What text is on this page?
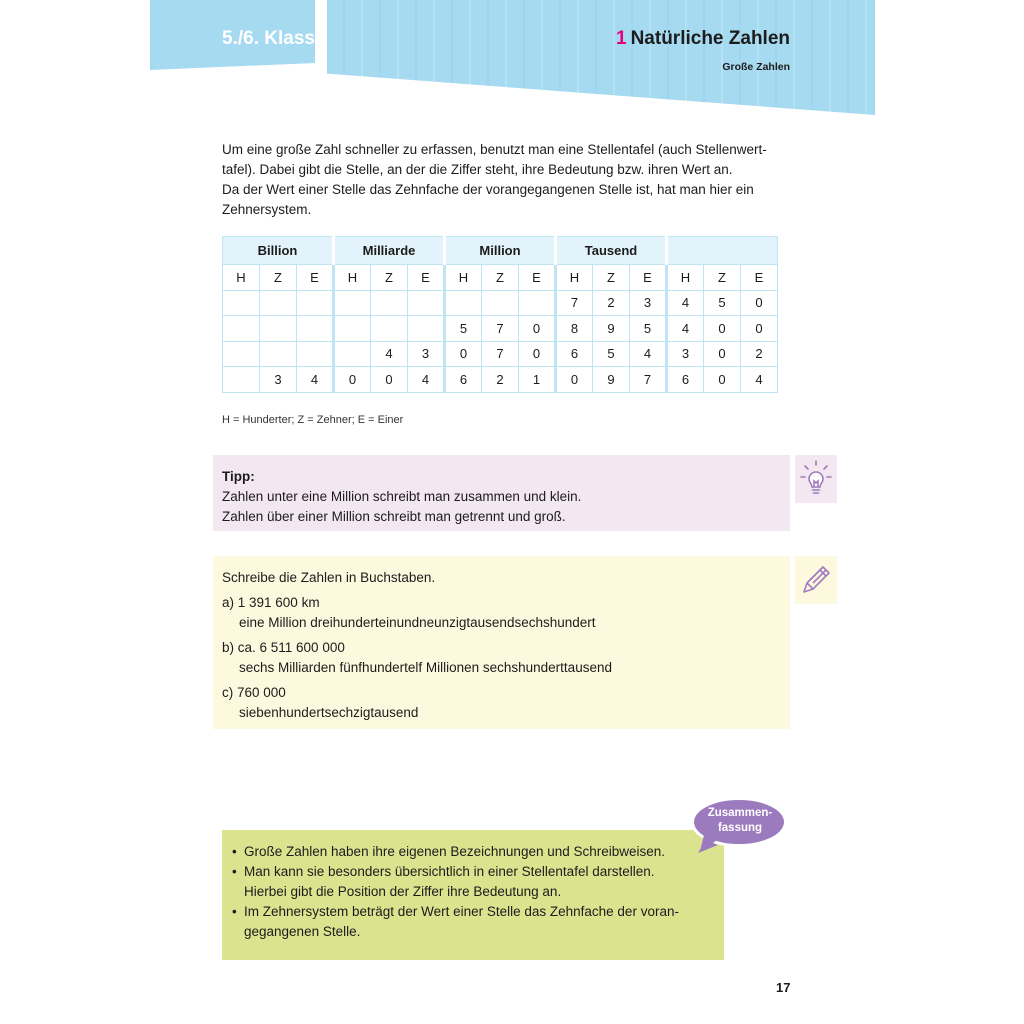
5./6. Klasse	1 Natürliche Zahlen
Große Zahlen

Um eine große Zahl schneller zu erfassen, benutzt man eine Stellentafel (auch Stellenwert-

tafel). Dabei gibt die Stelle, an der die Ziffer steht, ihre Bedeutung bzw. ihren Wert an.

Da der Wert einer Stelle das Zehnfache der vorangegangenen Stelle ist, hat man hier ein

Zehnersystem.

Billion			Milliarde			Million			Tausend					
H	Z	E	H	Z	E	H	Z	E	H	Z	E	H	Z	E
									7	2	3	4	5	0
						5	7	0	8	9	5	4	0	0
				4	3	0	7	0	6	5	4	3	0	2
	3	4	0	0	4	6	2	1	0	9	7	6	0	4
H = Hunderter; Z = Zehner; E = Einer
Tipp:
Zahlen unter eine Million schreibt man zusammen und klein.
Zahlen über einer Million schreibt man getrennt und groß.

Schreibe die Zahlen in Buchstaben.

a) 1 391 600 km
eine Million dreihunderteinundneunzigtausendsechshundert
b) ca. 6 511 600 000
sechs Milliarden fünfhundertelf Millionen sechshunderttausend
c) 760 000
siebenhundertsechzigtausend
• Große Zahlen haben ihre eigenen Bezeichnungen und Schreibweisen.
• Man kann sie besonders übersichtlich in einer Stellentafel darstellen.
Hierbei gibt die Position der Ziffer ihre Bedeutung an.
• Im Zehnersystem beträgt der Wert einer Stelle das Zehnfache der voran-
gegangenen Stelle.
Zusammen-
fassung
17
